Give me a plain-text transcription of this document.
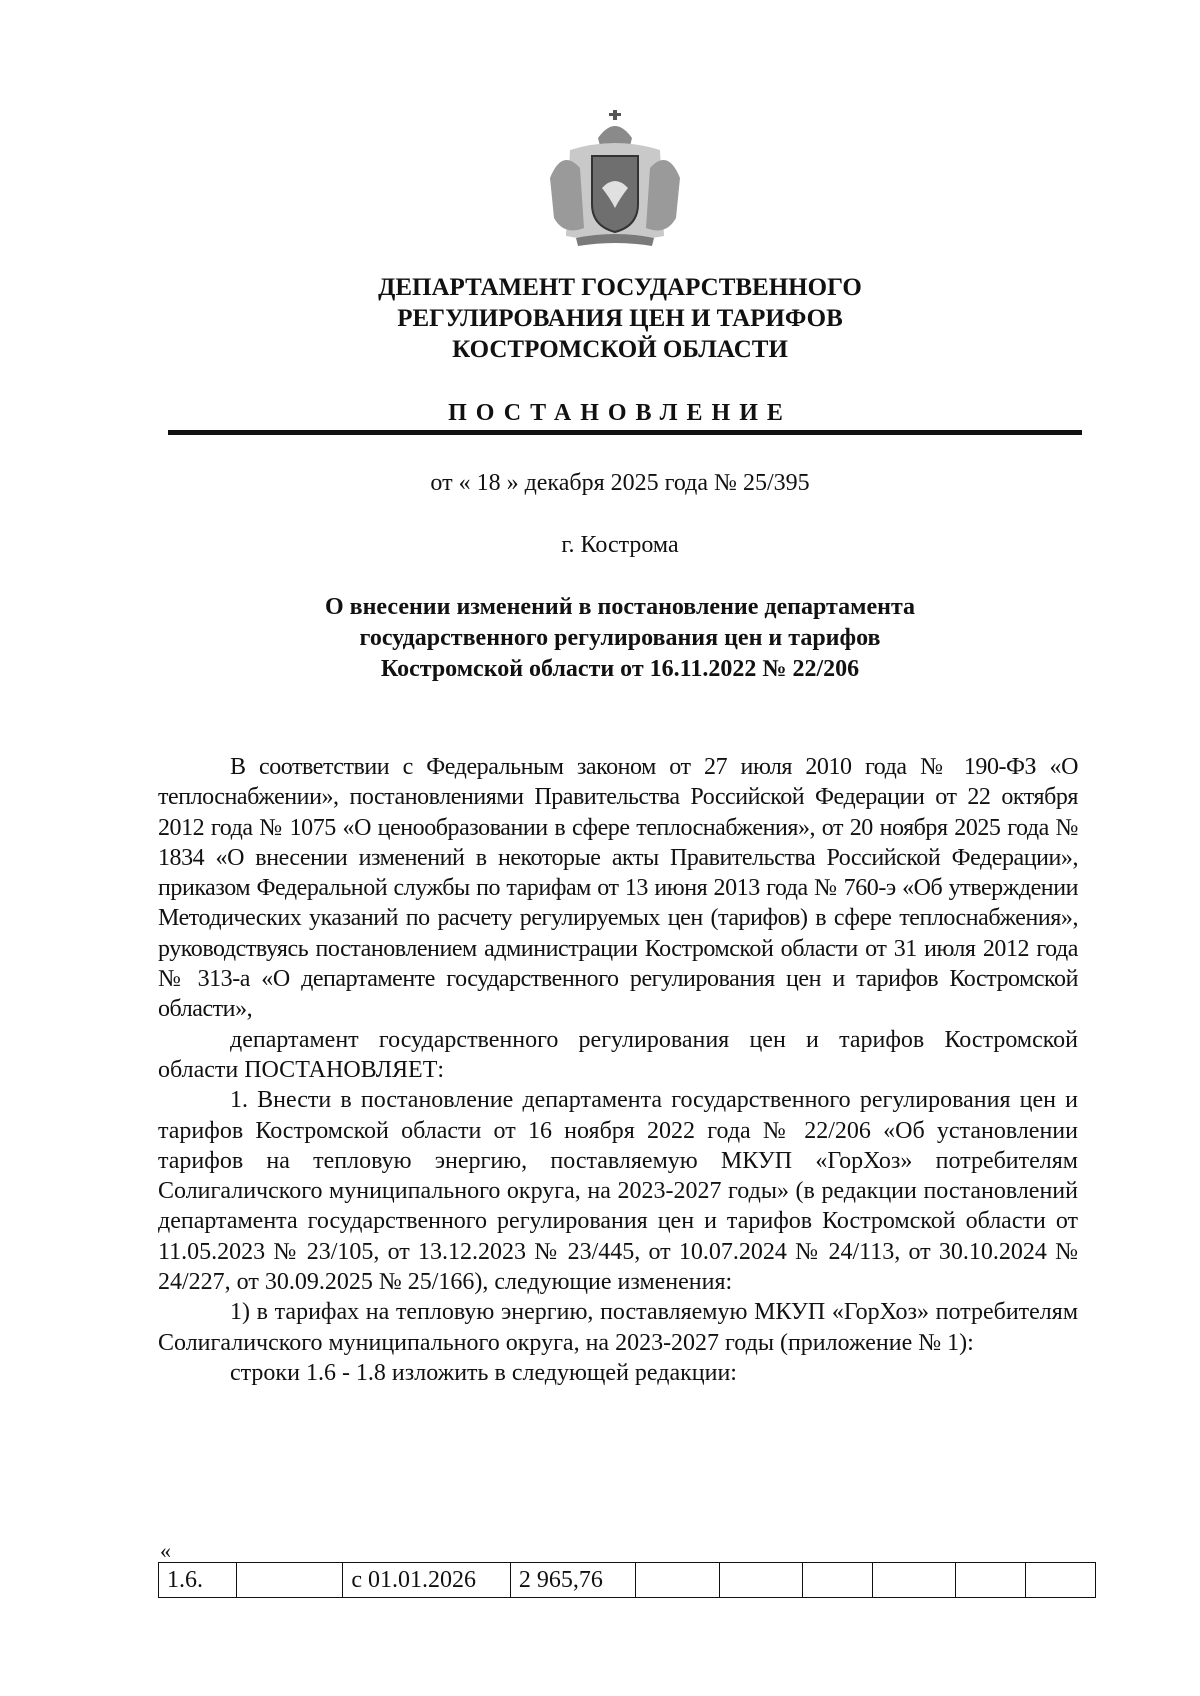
ДЕПАРТАМЕНТ ГОСУДАРСТВЕННОГО
РЕГУЛИРОВАНИЯ ЦЕН И ТАРИФОВ
КОСТРОМСКОЙ ОБЛАСТИ
ПОСТАНОВЛЕНИЕ
от « 18 » декабря 2025 года № 25/395
г. Кострома
О внесении изменений в постановление департамента
государственного регулирования цен и тарифов
Костромской области от 16.11.2022 № 22/206

В соответствии с Федеральным законом от 27 июля 2010 года № 190-ФЗ «О теплоснабжении», постановлениями Правительства Российской Федерации от 22 октября 2012 года № 1075 «О ценообразовании в сфере теплоснабжения», от 20 ноября 2025 года № 1834 «О внесении изменений в некоторые акты Правительства Российской Федерации», приказом Федеральной службы по тарифам от 13 июня 2013 года № 760-э «Об утверждении Методических указаний по расчету регулируемых цен (тарифов) в сфере теплоснабжения», руководствуясь постановлением администрации Костромской области от 31 июля 2012 года № 313-а «О департаменте государственного регулирования цен и тарифов Костромской области»,

департамент государственного регулирования цен и тарифов Костромской области ПОСТАНОВЛЯЕТ:

1. Внести в постановление департамента государственного регулирования цен и тарифов Костромской области от 16 ноября 2022 года № 22/206 «Об установлении тарифов на тепловую энергию, поставляемую МКУП «ГорХоз» потребителям Солигаличского муниципального округа, на 2023-2027 годы» (в редакции постановлений департамента государственного регулирования цен и тарифов Костромской области от 11.05.2023 № 23/105, от 13.12.2023 № 23/445, от 10.07.2024 № 24/113, от 30.10.2024 № 24/227, от 30.09.2025 № 25/166), следующие изменения:

1) в тарифах на тепловую энергию, поставляемую МКУП «ГорХоз» потребителям Солигаличского муниципального округа, на 2023-2027 годы (приложение № 1):

строки 1.6 - 1.8 изложить в следующей редакции:

«
1.6.		с 01.01.2026	2 965,76						
